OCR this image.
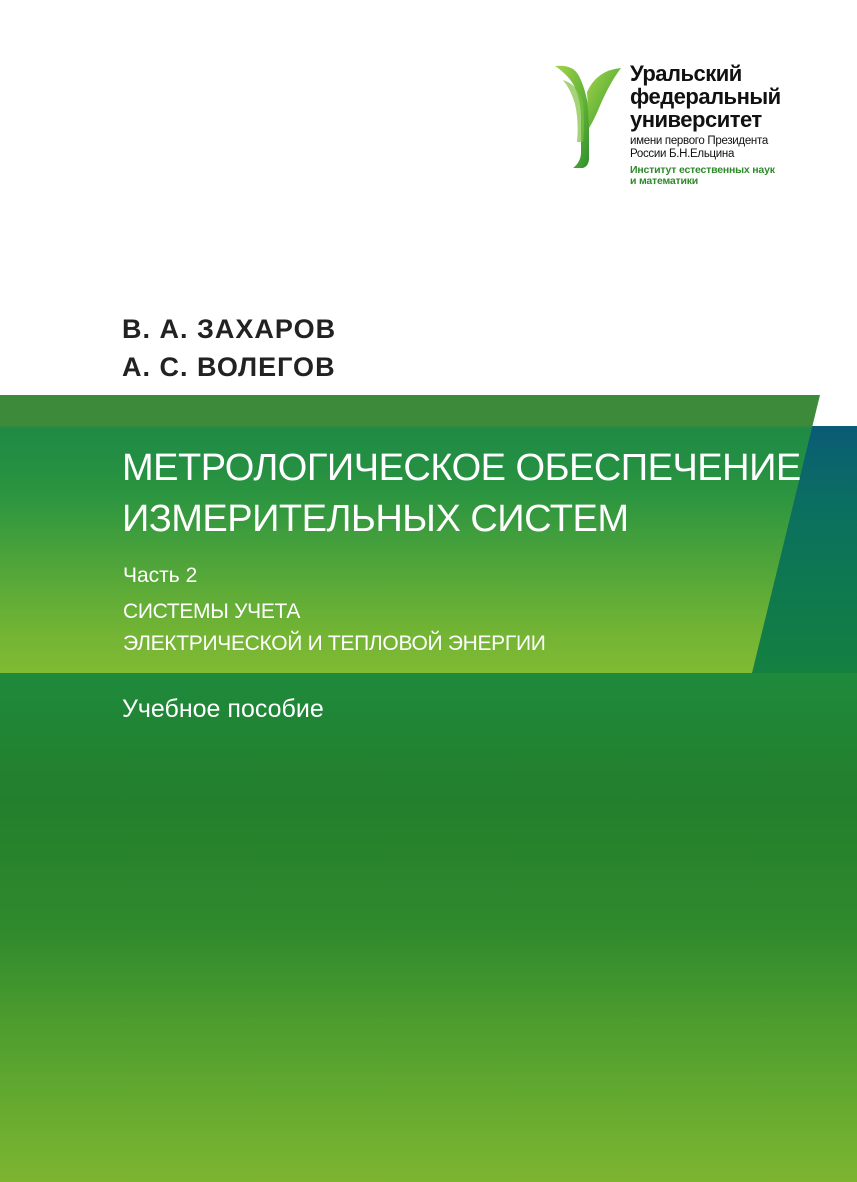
Уральский
федеральный
университет
имени первого Президента
России Б.Н.Ельцина
Институт естественных наук
и математики
В. А. ЗАХАРОВ
А. С. ВОЛЕГОВ
МЕТРОЛОГИЧЕСКОЕ ОБЕСПЕЧЕНИЕ
ИЗМЕРИТЕЛЬНЫХ СИСТЕМ
Часть 2
СИСТЕМЫ УЧЕТА
ЭЛЕКТРИЧЕСКОЙ И ТЕПЛОВОЙ ЭНЕРГИИ
Учебное пособие
